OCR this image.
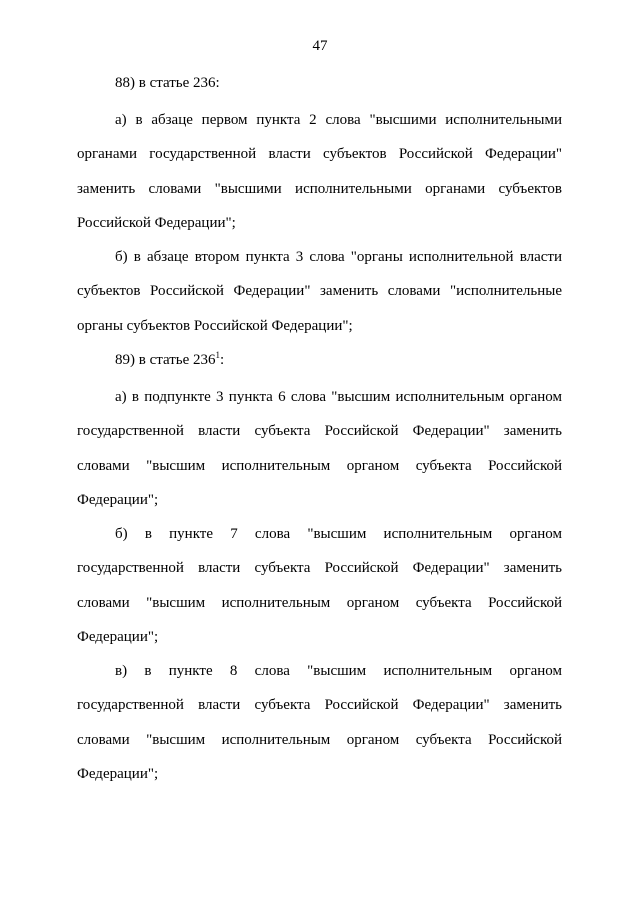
47
88) в статье 236:
а) в абзаце первом пункта 2 слова "высшими исполнительными органами государственной власти субъектов Российской Федерации" заменить словами "высшими исполнительными органами субъектов Российской Федерации";
б) в абзаце втором пункта 3 слова "органы исполнительной власти субъектов Российской Федерации" заменить словами "исполнительные органы субъектов Российской Федерации";
89) в статье $236^1$:
а) в подпункте 3 пункта 6 слова "высшим исполнительным органом государственной власти субъекта Российской Федерации" заменить словами "высшим исполнительным органом субъекта Российской Федерации";
б) в пункте 7 слова "высшим исполнительным органом государственной власти субъекта Российской Федерации" заменить словами "высшим исполнительным органом субъекта Российской Федерации";
в) в пункте 8 слова "высшим исполнительным органом государственной власти субъекта Российской Федерации" заменить словами "высшим исполнительным органом субъекта Российской Федерации";
